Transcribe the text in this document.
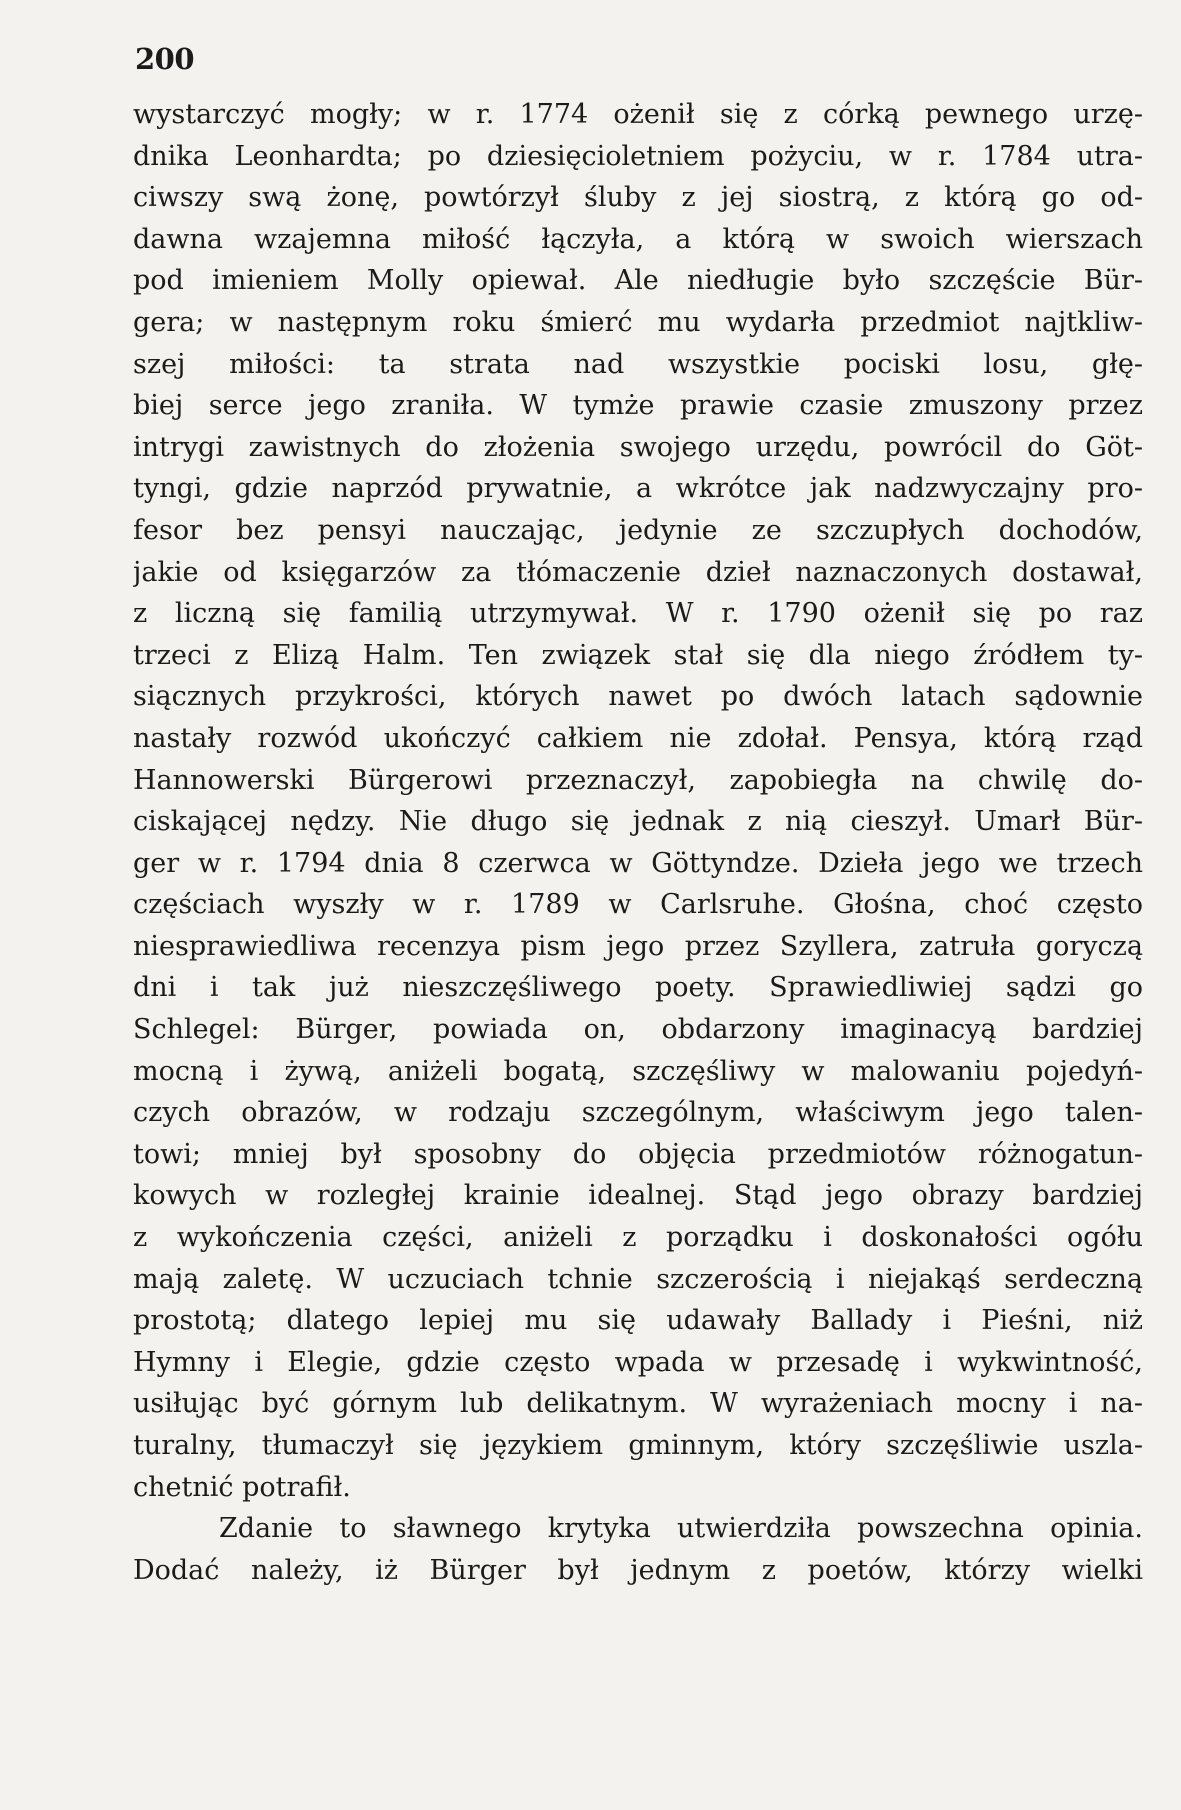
200
wystarczyć mogły; w r. 1774 ożenił się z córką pewnego urzę-
dnika Leonhardta; po dziesięcioletniem pożyciu, w r. 1784 utra-
ciwszy swą żonę, powtórzył śluby z jej siostrą, z którą go od-
dawna wzajemna miłość łączyła, a którą w swoich wierszach
pod imieniem Molly opiewał. Ale niedługie było szczęście Bür-
gera; w następnym roku śmierć mu wydarła przedmiot najtkliw-
szej miłości: ta strata nad wszystkie pociski losu, głę-
biej serce jego zraniła. W tymże prawie czasie zmuszony przez
intrygi zawistnych do złożenia swojego urzędu, powrócil do Göt-
tyngi, gdzie naprzód prywatnie, a wkrótce jak nadzwyczajny pro-
fesor bez pensyi nauczając, jedynie ze szczupłych dochodów,
jakie od księgarzów za tłómaczenie dzieł naznaczonych dostawał,
z liczną się familią utrzymywał. W r. 1790 ożenił się po raz
trzeci z Elizą Halm. Ten związek stał się dla niego źródłem ty-
siącznych przykrości, których nawet po dwóch latach sądownie
nastały rozwód ukończyć całkiem nie zdołał. Pensya, którą rząd
Hannowerski Bürgerowi przeznaczył, zapobiegła na chwilę do-
ciskającej nędzy. Nie długo się jednak z nią cieszył. Umarł Bür-
ger w r. 1794 dnia 8 czerwca w Göttyndze. Dzieła jego we trzech
częściach wyszły w r. 1789 w Carlsruhe. Głośna, choć często
niesprawiedliwa recenzya pism jego przez Szyllera, zatruła goryczą
dni i tak już nieszczęśliwego poety. Sprawiedliwiej sądzi go
Schlegel: Bürger, powiada on, obdarzony imaginacyą bardziej
mocną i żywą, aniżeli bogatą, szczęśliwy w malowaniu pojedyń-
czych obrazów, w rodzaju szczególnym, właściwym jego talen-
towi; mniej był sposobny do objęcia przedmiotów różnogatun-
kowych w rozległej krainie idealnej. Stąd jego obrazy bardziej
z wykończenia części, aniżeli z porządku i doskonałości ogółu
mają zaletę. W uczuciach tchnie szczerością i niejakąś serdeczną
prostotą; dlatego lepiej mu się udawały Ballady i Pieśni, niż
Hymny i Elegie, gdzie często wpada w przesadę i wykwintność,
usiłując być górnym lub delikatnym. W wyrażeniach mocny i na-
turalny, tłumaczył się językiem gminnym, który szczęśliwie uszla-
chetnić potrafił.
Zdanie to sławnego krytyka utwierdziła powszechna opinia.
Dodać należy, iż Bürger był jednym z poetów, którzy wielki
